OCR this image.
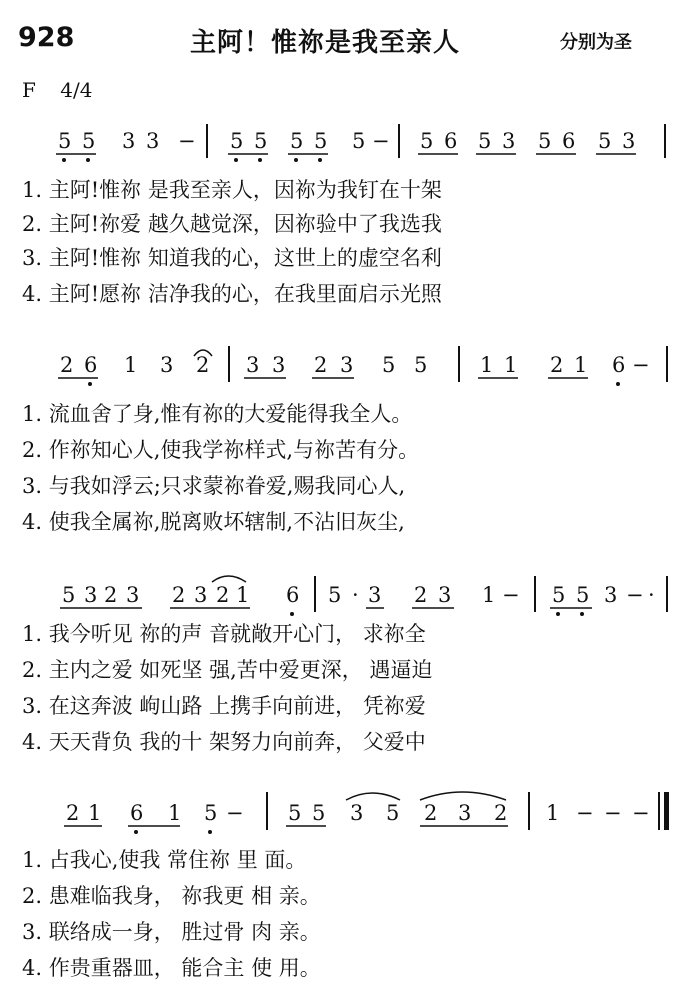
928	主阿！惟祢是我至亲人	分别为圣
F 4/4
5 5 3 3 − 5 5 5 5 5 − 5 6 5 3 5 6 5 3
1. 主阿!惟祢 是我至亲人，因祢为我钉在十架
2. 主阿!祢爱 越久越觉深，因祢验中了我选我
3. 主阿!惟祢 知道我的心，这世上的虚空名利
4. 主阿!愿祢 洁净我的心，在我里面启示光照
2 6 1 3 2 3 3 2 3 5 5	1 1 2 1 6 −
1. 流血舍了身,惟有祢的大爱能得我全人。
2. 作祢知心人,使我学祢样式,与祢苦有分。
3. 与我如浮云;只求蒙祢眷爱,赐我同心人,
4. 使我全属祢,脱离败坏辖制,不沾旧灰尘,
5 3 2 3 2 3 2 1 6 5 · 3 2 3 1 − 5 5 3 − ·
1. 我今听见 祢的声 音就敞开心门， 求祢全
2. 主内之爱 如死坚 强,苦中爱更深， 遇逼迫
3. 在这奔波 岣山路 上携手向前进， 凭祢爱
4. 天天背负 我的十 架努力向前奔， 父爱中
2 1 6 1 5 − 5 5 3 5 2 3 2 1 − − −
1. 占我心,使我 常住祢 里 面。
2. 患难临我身， 祢我更 相 亲。
3. 联络成一身， 胜过骨 肉 亲。
4. 作贵重器皿， 能合主 使 用。
